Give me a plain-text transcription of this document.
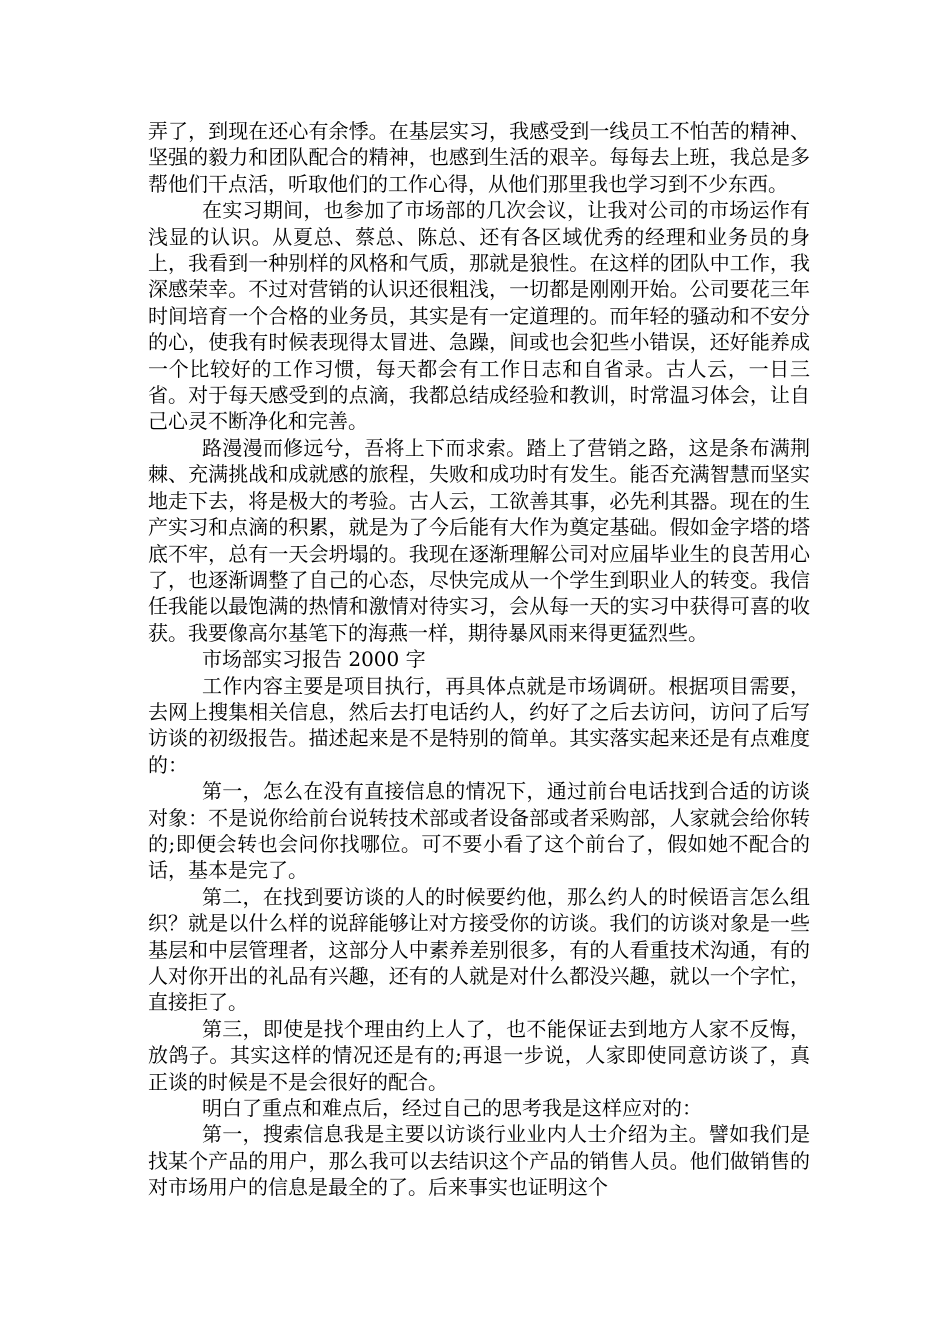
弄了，到现在还心有余悸。在基层实习，我感受到一线员工不怕苦的精神、坚强的毅力和团队配合的精神，也感到生活的艰辛。每每去上班，我总是多帮他们干点活，听取他们的工作心得，从他们那里我也学习到不少东西。

在实习期间，也参加了市场部的几次会议，让我对公司的市场运作有浅显的认识。从夏总、蔡总、陈总、还有各区域优秀的经理和业务员的身上，我看到一种别样的风格和气质，那就是狼性。在这样的团队中工作，我深感荣幸。不过对营销的认识还很粗浅，一切都是刚刚开始。公司要花三年时间培育一个合格的业务员，其实是有一定道理的。而年轻的骚动和不安分的心，使我有时候表现得太冒进、急躁，间或也会犯些小错误，还好能养成一个比较好的工作习惯，每天都会有工作日志和自省录。古人云，一日三省。对于每天感受到的点滴，我都总结成经验和教训，时常温习体会，让自己心灵不断净化和完善。

路漫漫而修远兮，吾将上下而求索。踏上了营销之路，这是条布满荆棘、充满挑战和成就感的旅程，失败和成功时有发生。能否充满智慧而坚实地走下去，将是极大的考验。古人云，工欲善其事，必先利其器。现在的生产实习和点滴的积累，就是为了今后能有大作为奠定基础。假如金字塔的塔底不牢，总有一天会坍塌的。我现在逐渐理解公司对应届毕业生的良苦用心了，也逐渐调整了自己的心态，尽快完成从一个学生到职业人的转变。我信任我能以最饱满的热情和激情对待实习，会从每一天的实习中获得可喜的收获。我要像高尔基笔下的海燕一样，期待暴风雨来得更猛烈些。

市场部实习报告 2000 字

工作内容主要是项目执行，再具体点就是市场调研。根据项目需要，去网上搜集相关信息，然后去打电话约人，约好了之后去访问，访问了后写访谈的初级报告。描述起来是不是特别的简单。其实落实起来还是有点难度的：

第一，怎么在没有直接信息的情况下，通过前台电话找到合适的访谈对象：不是说你给前台说转技术部或者设备部或者采购部，人家就会给你转的;即便会转也会问你找哪位。可不要小看了这个前台了，假如她不配合的话，基本是完了。

第二，在找到要访谈的人的时候要约他，那么约人的时候语言怎么组织？就是以什么样的说辞能够让对方接受你的访谈。我们的访谈对象是一些基层和中层管理者，这部分人中素养差别很多，有的人看重技术沟通，有的人对你开出的礼品有兴趣，还有的人就是对什么都没兴趣，就以一个字忙，直接拒了。

第三，即使是找个理由约上人了，也不能保证去到地方人家不反悔，放鸽子。其实这样的情况还是有的;再退一步说，人家即使同意访谈了，真正谈的时候是不是会很好的配合。

明白了重点和难点后，经过自己的思考我是这样应对的：

第一，搜索信息我是主要以访谈行业业内人士介绍为主。譬如我们是找某个产品的用户，那么我可以去结识这个产品的销售人员。他们做销售的对市场用户的信息是最全的了。后来事实也证明这个
